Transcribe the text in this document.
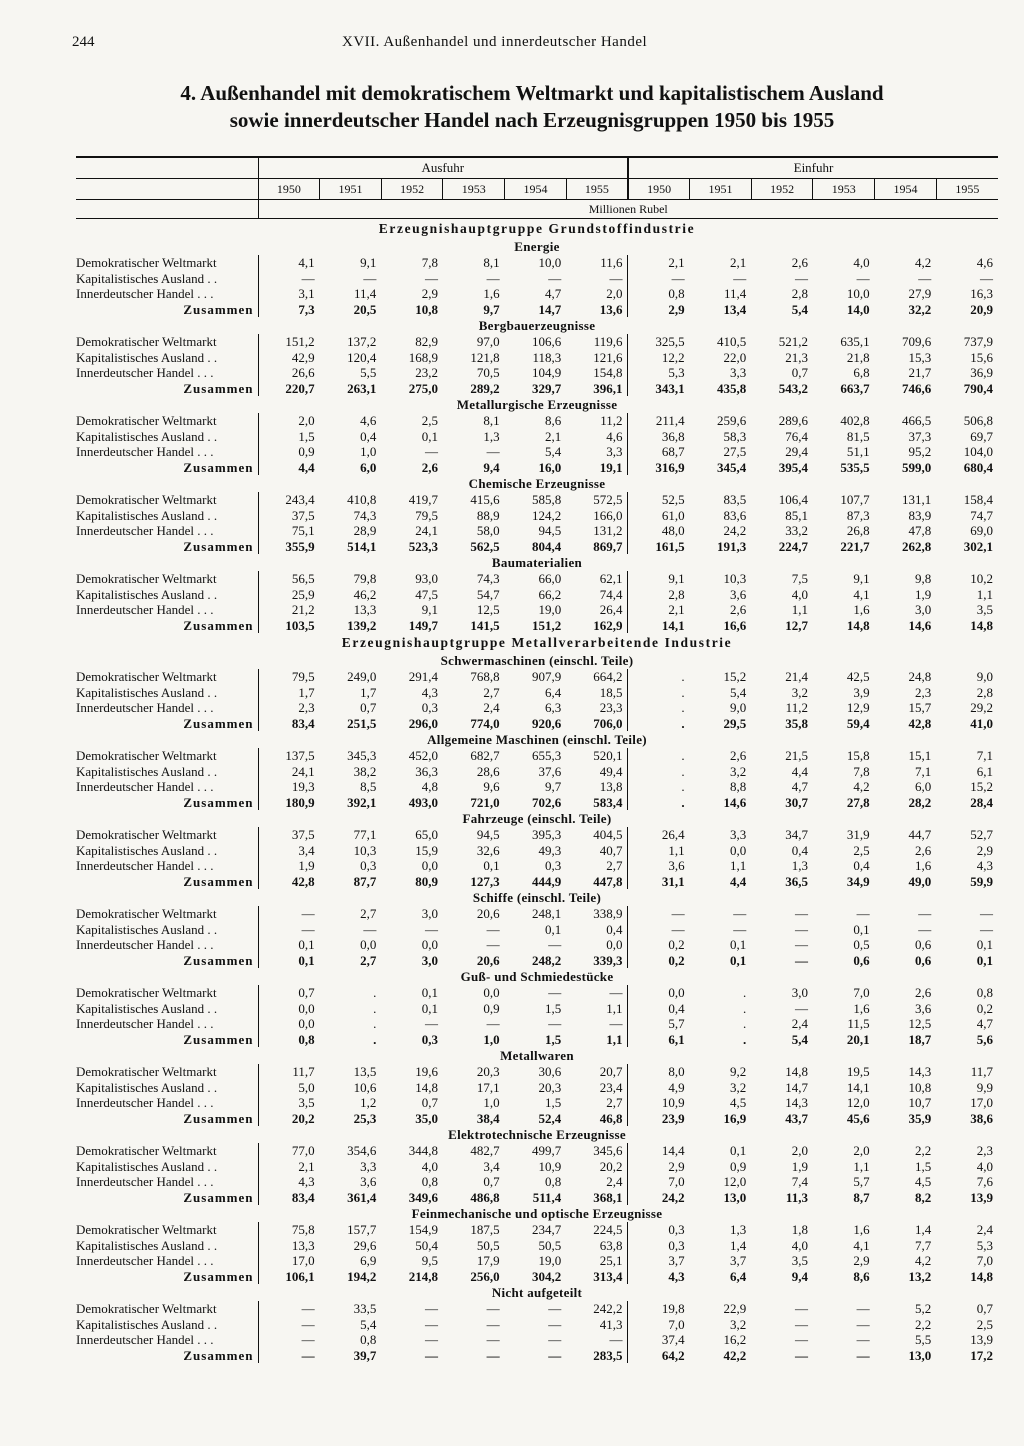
244	XVII. Außenhandel und innerdeutscher Handel
4. Außenhandel mit demokratischem Weltmarkt und kapitalistischem Ausland
sowie innerdeutscher Handel nach Erzeugnisgruppen 1950 bis 1955
	Ausfuhr						Einfuhr					
	1950	1951	1952	1953	1954	1955	1950	1951	1952	1953	1954	1955
	Millionen Rubel											
Erzeugnishauptgruppe Grundstoffindustrie												
Energie												
Demokratischer Weltmarkt	4,1	9,1	7,8	8,1	10,0	11,6	2,1	2,1	2,6	4,0	4,2	4,6
Kapitalistisches Ausland . .	—	—	—	—	—	—	—	—	—	—	—	—
Innerdeutscher Handel . . .	3,1	11,4	2,9	1,6	4,7	2,0	0,8	11,4	2,8	10,0	27,9	16,3
Zusammen	7,3	20,5	10,8	9,7	14,7	13,6	2,9	13,4	5,4	14,0	32,2	20,9
Bergbauerzeugnisse												
Demokratischer Weltmarkt	151,2	137,2	82,9	97,0	106,6	119,6	325,5	410,5	521,2	635,1	709,6	737,9
Kapitalistisches Ausland . .	42,9	120,4	168,9	121,8	118,3	121,6	12,2	22,0	21,3	21,8	15,3	15,6
Innerdeutscher Handel . . .	26,6	5,5	23,2	70,5	104,9	154,8	5,3	3,3	0,7	6,8	21,7	36,9
Zusammen	220,7	263,1	275,0	289,2	329,7	396,1	343,1	435,8	543,2	663,7	746,6	790,4
Metallurgische Erzeugnisse												
Demokratischer Weltmarkt	2,0	4,6	2,5	8,1	8,6	11,2	211,4	259,6	289,6	402,8	466,5	506,8
Kapitalistisches Ausland . .	1,5	0,4	0,1	1,3	2,1	4,6	36,8	58,3	76,4	81,5	37,3	69,7
Innerdeutscher Handel . . .	0,9	1,0	—	—	5,4	3,3	68,7	27,5	29,4	51,1	95,2	104,0
Zusammen	4,4	6,0	2,6	9,4	16,0	19,1	316,9	345,4	395,4	535,5	599,0	680,4
Chemische Erzeugnisse												
Demokratischer Weltmarkt	243,4	410,8	419,7	415,6	585,8	572,5	52,5	83,5	106,4	107,7	131,1	158,4
Kapitalistisches Ausland . .	37,5	74,3	79,5	88,9	124,2	166,0	61,0	83,6	85,1	87,3	83,9	74,7
Innerdeutscher Handel . . .	75,1	28,9	24,1	58,0	94,5	131,2	48,0	24,2	33,2	26,8	47,8	69,0
Zusammen	355,9	514,1	523,3	562,5	804,4	869,7	161,5	191,3	224,7	221,7	262,8	302,1
Baumaterialien												
Demokratischer Weltmarkt	56,5	79,8	93,0	74,3	66,0	62,1	9,1	10,3	7,5	9,1	9,8	10,2
Kapitalistisches Ausland . .	25,9	46,2	47,5	54,7	66,2	74,4	2,8	3,6	4,0	4,1	1,9	1,1
Innerdeutscher Handel . . .	21,2	13,3	9,1	12,5	19,0	26,4	2,1	2,6	1,1	1,6	3,0	3,5
Zusammen	103,5	139,2	149,7	141,5	151,2	162,9	14,1	16,6	12,7	14,8	14,6	14,8
Erzeugnishauptgruppe Metallverarbeitende Industrie												
Schwermaschinen (einschl. Teile)												
Demokratischer Weltmarkt	79,5	249,0	291,4	768,8	907,9	664,2	.	15,2	21,4	42,5	24,8	9,0
Kapitalistisches Ausland . .	1,7	1,7	4,3	2,7	6,4	18,5	.	5,4	3,2	3,9	2,3	2,8
Innerdeutscher Handel . . .	2,3	0,7	0,3	2,4	6,3	23,3	.	9,0	11,2	12,9	15,7	29,2
Zusammen	83,4	251,5	296,0	774,0	920,6	706,0	.	29,5	35,8	59,4	42,8	41,0
Allgemeine Maschinen (einschl. Teile)												
Demokratischer Weltmarkt	137,5	345,3	452,0	682,7	655,3	520,1	.	2,6	21,5	15,8	15,1	7,1
Kapitalistisches Ausland . .	24,1	38,2	36,3	28,6	37,6	49,4	.	3,2	4,4	7,8	7,1	6,1
Innerdeutscher Handel . . .	19,3	8,5	4,8	9,6	9,7	13,8	.	8,8	4,7	4,2	6,0	15,2
Zusammen	180,9	392,1	493,0	721,0	702,6	583,4	.	14,6	30,7	27,8	28,2	28,4
Fahrzeuge (einschl. Teile)												
Demokratischer Weltmarkt	37,5	77,1	65,0	94,5	395,3	404,5	26,4	3,3	34,7	31,9	44,7	52,7
Kapitalistisches Ausland . .	3,4	10,3	15,9	32,6	49,3	40,7	1,1	0,0	0,4	2,5	2,6	2,9
Innerdeutscher Handel . . .	1,9	0,3	0,0	0,1	0,3	2,7	3,6	1,1	1,3	0,4	1,6	4,3
Zusammen	42,8	87,7	80,9	127,3	444,9	447,8	31,1	4,4	36,5	34,9	49,0	59,9
Schiffe (einschl. Teile)												
Demokratischer Weltmarkt	—	2,7	3,0	20,6	248,1	338,9	—	—	—	—	—	—
Kapitalistisches Ausland . .	—	—	—	—	0,1	0,4	—	—	—	0,1	—	—
Innerdeutscher Handel . . .	0,1	0,0	0,0	—	—	0,0	0,2	0,1	—	0,5	0,6	0,1
Zusammen	0,1	2,7	3,0	20,6	248,2	339,3	0,2	0,1	—	0,6	0,6	0,1
Guß- und Schmiedestücke												
Demokratischer Weltmarkt	0,7	.	0,1	0,0	—	—	0,0	.	3,0	7,0	2,6	0,8
Kapitalistisches Ausland . .	0,0	.	0,1	0,9	1,5	1,1	0,4	.	—	1,6	3,6	0,2
Innerdeutscher Handel . . .	0,0	.	—	—	—	—	5,7	.	2,4	11,5	12,5	4,7
Zusammen	0,8	.	0,3	1,0	1,5	1,1	6,1	.	5,4	20,1	18,7	5,6
Metallwaren												
Demokratischer Weltmarkt	11,7	13,5	19,6	20,3	30,6	20,7	8,0	9,2	14,8	19,5	14,3	11,7
Kapitalistisches Ausland . .	5,0	10,6	14,8	17,1	20,3	23,4	4,9	3,2	14,7	14,1	10,8	9,9
Innerdeutscher Handel . . .	3,5	1,2	0,7	1,0	1,5	2,7	10,9	4,5	14,3	12,0	10,7	17,0
Zusammen	20,2	25,3	35,0	38,4	52,4	46,8	23,9	16,9	43,7	45,6	35,9	38,6
Elektrotechnische Erzeugnisse												
Demokratischer Weltmarkt	77,0	354,6	344,8	482,7	499,7	345,6	14,4	0,1	2,0	2,0	2,2	2,3
Kapitalistisches Ausland . .	2,1	3,3	4,0	3,4	10,9	20,2	2,9	0,9	1,9	1,1	1,5	4,0
Innerdeutscher Handel . . .	4,3	3,6	0,8	0,7	0,8	2,4	7,0	12,0	7,4	5,7	4,5	7,6
Zusammen	83,4	361,4	349,6	486,8	511,4	368,1	24,2	13,0	11,3	8,7	8,2	13,9
Feinmechanische und optische Erzeugnisse												
Demokratischer Weltmarkt	75,8	157,7	154,9	187,5	234,7	224,5	0,3	1,3	1,8	1,6	1,4	2,4
Kapitalistisches Ausland . .	13,3	29,6	50,4	50,5	50,5	63,8	0,3	1,4	4,0	4,1	7,7	5,3
Innerdeutscher Handel . . .	17,0	6,9	9,5	17,9	19,0	25,1	3,7	3,7	3,5	2,9	4,2	7,0
Zusammen	106,1	194,2	214,8	256,0	304,2	313,4	4,3	6,4	9,4	8,6	13,2	14,8
Nicht aufgeteilt												
Demokratischer Weltmarkt	—	33,5	—	—	—	242,2	19,8	22,9	—	—	5,2	0,7
Kapitalistisches Ausland . .	—	5,4	—	—	—	41,3	7,0	3,2	—	—	2,2	2,5
Innerdeutscher Handel . . .	—	0,8	—	—	—	—	37,4	16,2	—	—	5,5	13,9
Zusammen	—	39,7	—	—	—	283,5	64,2	42,2	—	—	13,0	17,2
